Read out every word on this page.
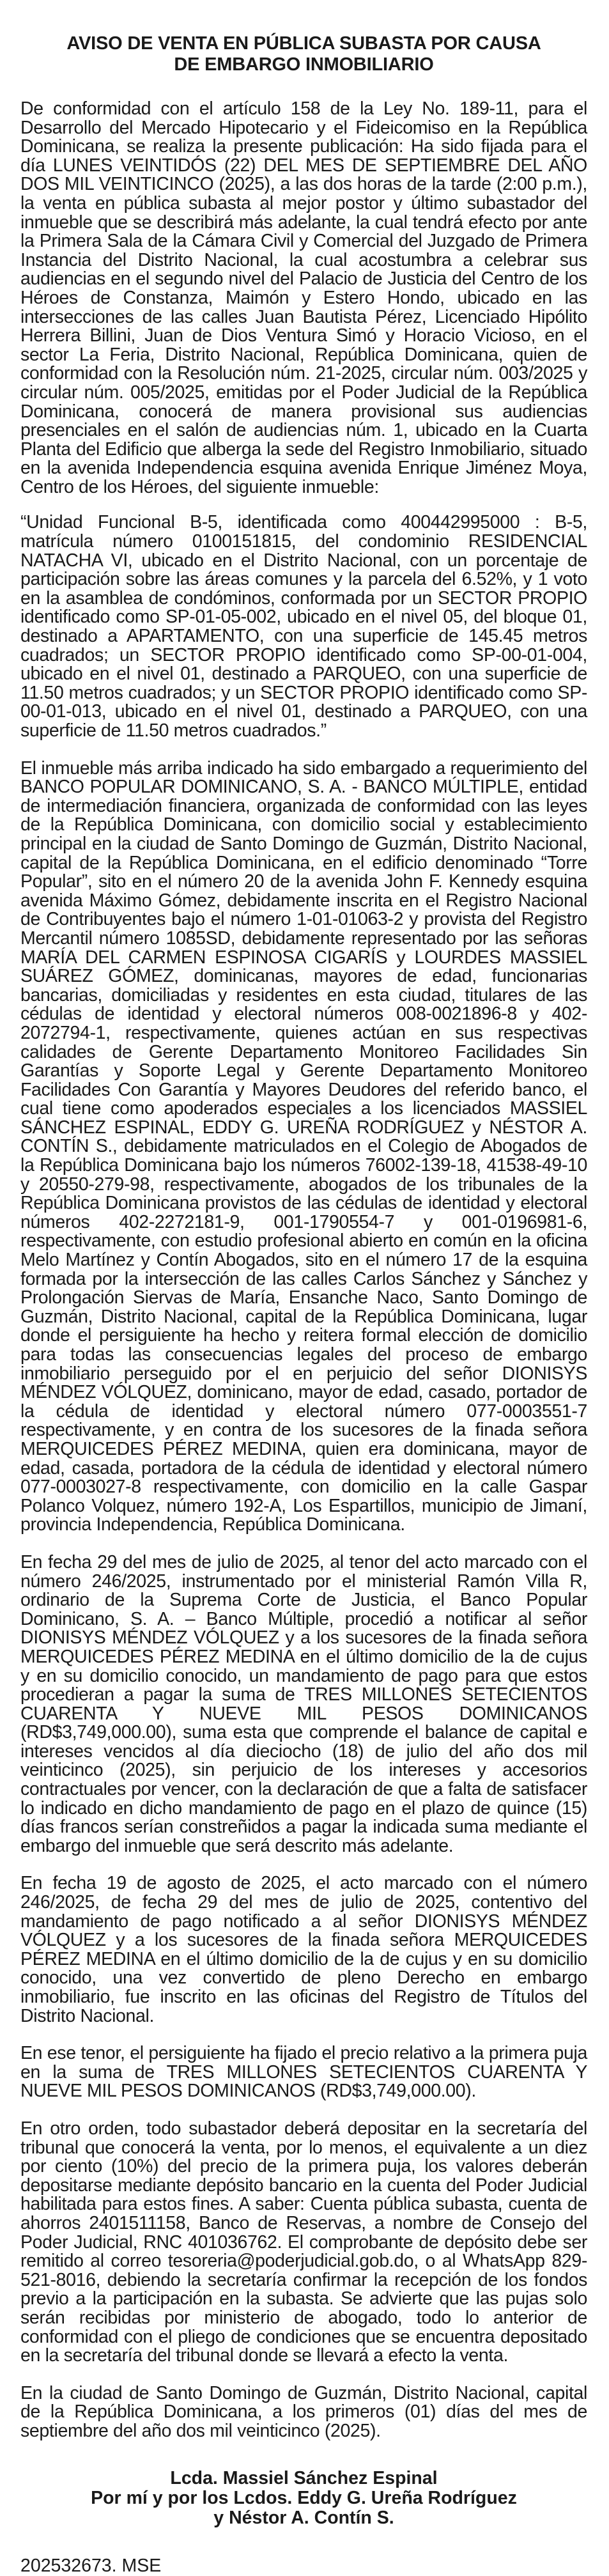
AVISO DE VENTA EN PÚBLICA SUBASTA POR CAUSA
DE EMBARGO INMOBILIARIO

De conformidad con el artículo 158 de la Ley No. 189-11, para el Desarrollo del Mercado Hipotecario y el Fideicomiso en la República Dominicana, se realiza la presente publicación: Ha sido fijada para el día LUNES VEINTIDÓS (22) DEL MES DE SEPTIEMBRE DEL AÑO DOS MIL VEINTICINCO (2025), a las dos horas de la tarde (2:00 p.m.), la venta en pública subasta al mejor postor y último subastador del inmueble que se describirá más adelante, la cual tendrá efecto por ante la Primera Sala de la Cámara Civil y Comercial del Juzgado de Primera Instancia del Distrito Nacional, la cual acostumbra a celebrar sus audiencias en el segundo nivel del Palacio de Justicia del Centro de los Héroes de Constanza, Maimón y Estero Hondo, ubicado en las intersecciones de las calles Juan Bautista Pérez, Licenciado Hipólito Herrera Billini, Juan de Dios Ventura Simó y Horacio Vicioso, en el sector La Feria, Distrito Nacional, República Dominicana, quien de conformidad con la Resolución núm. 21-2025, circular núm. 003/2025 y circular núm. 005/2025, emitidas por el Poder Judicial de la República Dominicana, conocerá de manera provisional sus audiencias presenciales en el salón de audiencias núm. 1, ubicado en la Cuarta Planta del Edificio que alberga la sede del Registro Inmobiliario, situado en la avenida Independencia esquina avenida Enrique Jiménez Moya, Centro de los Héroes, del siguiente inmueble:

“Unidad Funcional B-5, identificada como 400442995000 : B-5, matrícula número 0100151815, del condominio RESIDENCIAL NATACHA VI, ubicado en el Distrito Nacional, con un porcentaje de participación sobre las áreas comunes y la parcela del 6.52%, y 1 voto en la asamblea de condóminos, conformada por un SECTOR PROPIO identificado como SP-01-05-002, ubicado en el nivel 05, del bloque 01, destinado a APARTAMENTO, con una superficie de 145.45 metros cuadrados; un SECTOR PROPIO identificado como SP-00-01-004, ubicado en el nivel 01, destinado a PARQUEO, con una superficie de 11.50 metros cuadrados; y un SECTOR PROPIO identificado como SP-00-01-013, ubicado en el nivel 01, destinado a PARQUEO, con una superficie de 11.50 metros cuadrados.”

El inmueble más arriba indicado ha sido embargado a requerimiento del BANCO POPULAR DOMINICANO, S. A. - BANCO MÚLTIPLE, entidad de intermediación financiera, organizada de conformidad con las leyes de la República Dominicana, con domicilio social y establecimiento principal en la ciudad de Santo Domingo de Guzmán, Distrito Nacional, capital de la República Dominicana, en el edificio denominado “Torre Popular”, sito en el número 20 de la avenida John F. Kennedy esquina avenida Máximo Gómez, debidamente inscrita en el Registro Nacional de Contribuyentes bajo el número 1-01-01063-2 y provista del Registro Mercantil número 1085SD, debidamente representado por las señoras MARÍA DEL CARMEN ESPINOSA CIGARÍS y LOURDES MASSIEL SUÁREZ GÓMEZ, dominicanas, mayores de edad, funcionarias bancarias, domiciliadas y residentes en esta ciudad, titulares de las cédulas de identidad y electoral números 008-0021896-8 y 402-2072794-1, respectivamente, quienes actúan en sus respectivas calidades de Gerente Departamento Monitoreo Facilidades Sin Garantías y Soporte Legal y Gerente Departamento Monitoreo Facilidades Con Garantía y Mayores Deudores del referido banco, el cual tiene como apoderados especiales a los licenciados MASSIEL SÁNCHEZ ESPINAL, EDDY G. UREÑA RODRÍGUEZ y NÉSTOR A. CONTÍN S., debidamente matriculados en el Colegio de Abogados de la República Dominicana bajo los números 76002-139-18, 41538-49-10 y 20550-279-98, respectivamente, abogados de los tribunales de la República Dominicana provistos de las cédulas de identidad y electoral números 402-2272181-9, 001-1790554-7 y 001-0196981-6, respectivamente, con estudio profesional abierto en común en la oficina Melo Martínez y Contín Abogados, sito en el número 17 de la esquina formada por la intersección de las calles Carlos Sánchez y Sánchez y Prolongación Siervas de María, Ensanche Naco, Santo Domingo de Guzmán, Distrito Nacional, capital de la República Dominicana, lugar donde el persiguiente ha hecho y reitera formal elección de domicilio para todas las consecuencias legales del proceso de embargo inmobiliario perseguido por el en perjuicio del señor DIONISYS MÉNDEZ VÓLQUEZ, dominicano, mayor de edad, casado, portador de la cédula de identidad y electoral número 077-0003551-7 respectivamente, y en contra de los sucesores de la finada señora MERQUICEDES PÉREZ MEDINA, quien era dominicana, mayor de edad, casada, portadora de la cédula de identidad y electoral número 077-0003027-8 respectivamente, con domicilio en la calle Gaspar Polanco Volquez, número 192-A, Los Espartillos, municipio de Jimaní, provincia Independencia, República Dominicana.

En fecha 29 del mes de julio de 2025, al tenor del acto marcado con el número 246/2025, instrumentado por el ministerial Ramón Villa R, ordinario de la Suprema Corte de Justicia, el Banco Popular Dominicano, S. A. – Banco Múltiple, procedió a notificar al señor DIONISYS MÉNDEZ VÓLQUEZ y a los sucesores de la finada señora MERQUICEDES PÉREZ MEDINA en el último domicilio de la de cujus y en su domicilio conocido, un mandamiento de pago para que estos procedieran a pagar la suma de TRES MILLONES SETECIENTOS CUARENTA Y NUEVE MIL PESOS DOMINICANOS (RD$3,749,000.00), suma esta que comprende el balance de capital e intereses vencidos al día dieciocho (18) de julio del año dos mil veinticinco (2025), sin perjuicio de los intereses y accesorios contractuales por vencer, con la declaración de que a falta de satisfacer lo indicado en dicho mandamiento de pago en el plazo de quince (15) días francos serían constreñidos a pagar la indicada suma mediante el embargo del inmueble que será descrito más adelante.

En fecha 19 de agosto de 2025, el acto marcado con el número 246/2025, de fecha 29 del mes de julio de 2025, contentivo del mandamiento de pago notificado a al señor DIONISYS MÉNDEZ VÓLQUEZ y a los sucesores de la finada señora MERQUICEDES PÉREZ MEDINA en el último domicilio de la de cujus y en su domicilio conocido, una vez convertido de pleno Derecho en embargo inmobiliario, fue inscrito en las oficinas del Registro de Títulos del Distrito Nacional.

En ese tenor, el persiguiente ha fijado el precio relativo a la primera puja en la suma de TRES MILLONES SETECIENTOS CUARENTA Y NUEVE MIL PESOS DOMINICANOS (RD$3,749,000.00).

En otro orden, todo subastador deberá depositar en la secretaría del tribunal que conocerá la venta, por lo menos, el equivalente a un diez por ciento (10%) del precio de la primera puja, los valores deberán depositarse mediante depósito bancario en la cuenta del Poder Judicial habilitada para estos fines. A saber: Cuenta pública subasta, cuenta de ahorros 2401511158, Banco de Reservas, a nombre de Consejo del Poder Judicial, RNC 401036762. El comprobante de depósito debe ser remitido al correo tesoreria@poderjudicial.gob.do, o al WhatsApp 829-521-8016, debiendo la secretaría confirmar la recepción de los fondos previo a la participación en la subasta. Se advierte que las pujas solo serán recibidas por ministerio de abogado, todo lo anterior de conformidad con el pliego de condiciones que se encuentra depositado en la secretaría del tribunal donde se llevará a efecto la venta.

En la ciudad de Santo Domingo de Guzmán, Distrito Nacional, capital de la República Dominicana, a los primeros (01) días del mes de septiembre del año dos mil veinticinco (2025).

Lcda. Massiel Sánchez Espinal
Por mí y por los Lcdos. Eddy G. Ureña Rodríguez
y Néstor A. Contín S.
202532673. MSE
